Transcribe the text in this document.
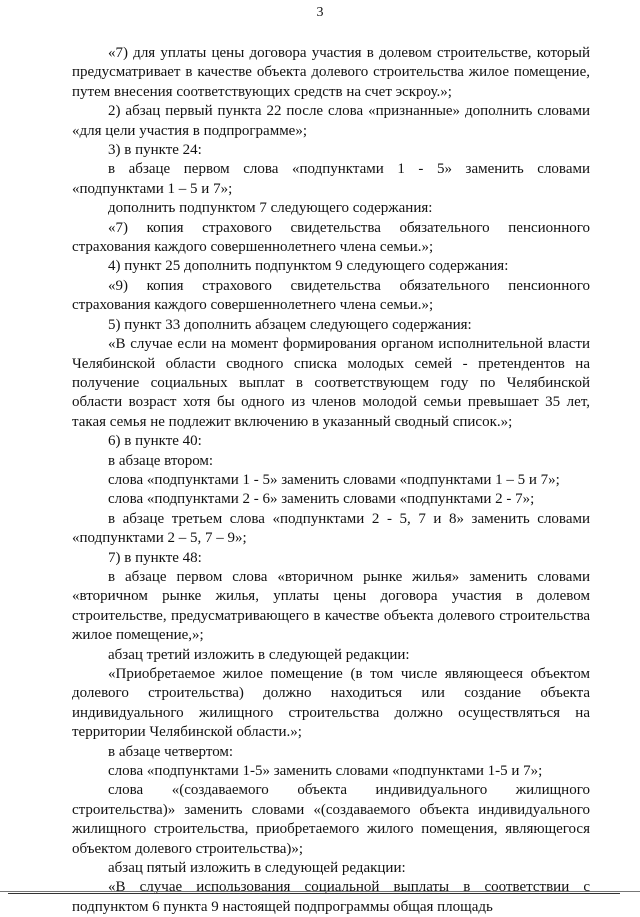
3

«7) для уплаты цены договора участия в долевом строительстве, который предусматривает в качестве объекта долевого строительства жилое помещение, путем внесения соответствующих средств на счет эскроу.»;

2) абзац первый пункта 22 после слова «признанные» дополнить словами «для цели участия в подпрограмме»;

3) в пункте 24:

в абзаце первом слова «подпунктами 1 - 5» заменить словами «подпунктами 1 – 5 и 7»;

дополнить подпунктом 7 следующего содержания:

«7) копия страхового свидетельства обязательного пенсионного страхования каждого совершеннолетнего члена семьи.»;

4) пункт 25 дополнить подпунктом 9 следующего содержания:

«9) копия страхового свидетельства обязательного пенсионного страхования каждого совершеннолетнего члена семьи.»;

5) пункт 33 дополнить абзацем следующего содержания:

«В случае если на момент формирования органом исполнительной власти Челябинской области сводного списка молодых семей - претендентов на получение социальных выплат в соответствующем году по Челябинской области возраст хотя бы одного из членов молодой семьи превышает 35 лет, такая семья не подлежит включению в указанный сводный список.»;

6) в пункте 40:

в абзаце втором:

слова «подпунктами 1 - 5» заменить словами «подпунктами 1 – 5 и 7»;

слова «подпунктами 2 - 6» заменить словами «подпунктами 2 - 7»;

в абзаце третьем слова «подпунктами 2 - 5, 7 и 8» заменить словами «подпунктами 2 – 5, 7 – 9»;

7) в пункте 48:

в абзаце первом слова «вторичном рынке жилья» заменить словами «вторичном рынке жилья, уплаты цены договора участия в долевом строительстве, предусматривающего в качестве объекта долевого строительства жилое помещение,»;

абзац третий изложить в следующей редакции:

«Приобретаемое жилое помещение (в том числе являющееся объектом долевого строительства) должно находиться или создание объекта индивидуального жилищного строительства должно осуществляться на территории Челябинской области.»;

в абзаце четвертом:

слова «подпунктами 1-5» заменить словами «подпунктами 1-5 и 7»;

слова «(создаваемого объекта индивидуального жилищного строительства)» заменить словами «(создаваемого объекта индивидуального жилищного строительства, приобретаемого жилого помещения, являющегося объектом долевого строительства)»;

абзац пятый изложить в следующей редакции:

«В случае использования социальной выплаты в соответствии с подпунктом 6 пункта 9 настоящей подпрограммы общая площадь
